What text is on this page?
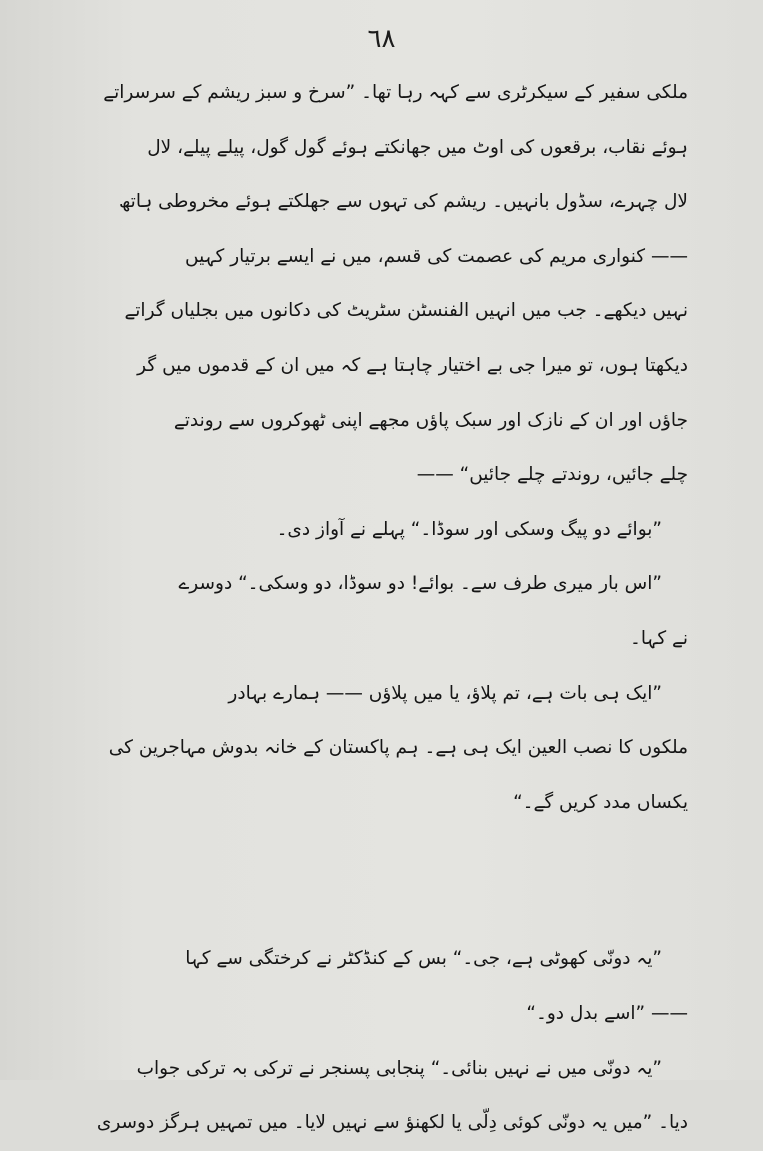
٦٨
ملکی سفیر کے سیکرٹری سے کہہ رہا تھا۔ ”سرخ و سبز ریشم کے سرسراتے
ہوئے نقاب، برقعوں کی اوٹ میں جھانکتے ہوئے گول گول، پیلے پیلے، لال
لال چہرے، سڈول بانہیں۔ ریشم کی تہوں سے جھلکتے ہوئے مخروطی ہاتھ
—— کنواری مریم کی عصمت کی قسم، میں نے ایسے برتیار کہیں
نہیں دیکھے۔ جب میں انہیں الفنسٹن سٹریٹ کی دکانوں میں بجلیاں گراتے
دیکھتا ہوں، تو میرا جی بے اختیار چاہتا ہے کہ میں ان کے قدموں میں گر
جاؤں اور ان کے نازک اور سبک پاؤں مجھے اپنی ٹھوکروں سے روندتے
چلے جائیں، روندتے چلے جائیں“ ——
”بوائے دو پیگ وسکی اور سوڈا۔“ پہلے نے آواز دی۔
”اس بار میری طرف سے۔ بوائے! دو سوڈا، دو وسکی۔“ دوسرے
نے کہا۔
”ایک ہی بات ہے، تم پلاؤ، یا میں پلاؤں —— ہمارے بہادر
ملکوں کا نصب العین ایک ہی ہے۔ ہم پاکستان کے خانہ بدوش مہاجرین کی
یکساں مدد کریں گے۔“
”یہ دونّی کھوٹی ہے، جی۔“ بس کے کنڈکٹر نے کرختگی سے کہا
—— ”اسے بدل دو۔“
”یہ دونّی میں نے نہیں بنائی۔“ پنجابی پسنجر نے ترکی بہ ترکی جواب
دیا۔ ”میں یہ دونّی کوئی دِلّی یا لکھنؤ سے نہیں لایا۔ میں تمہیں ہرگز دوسری
